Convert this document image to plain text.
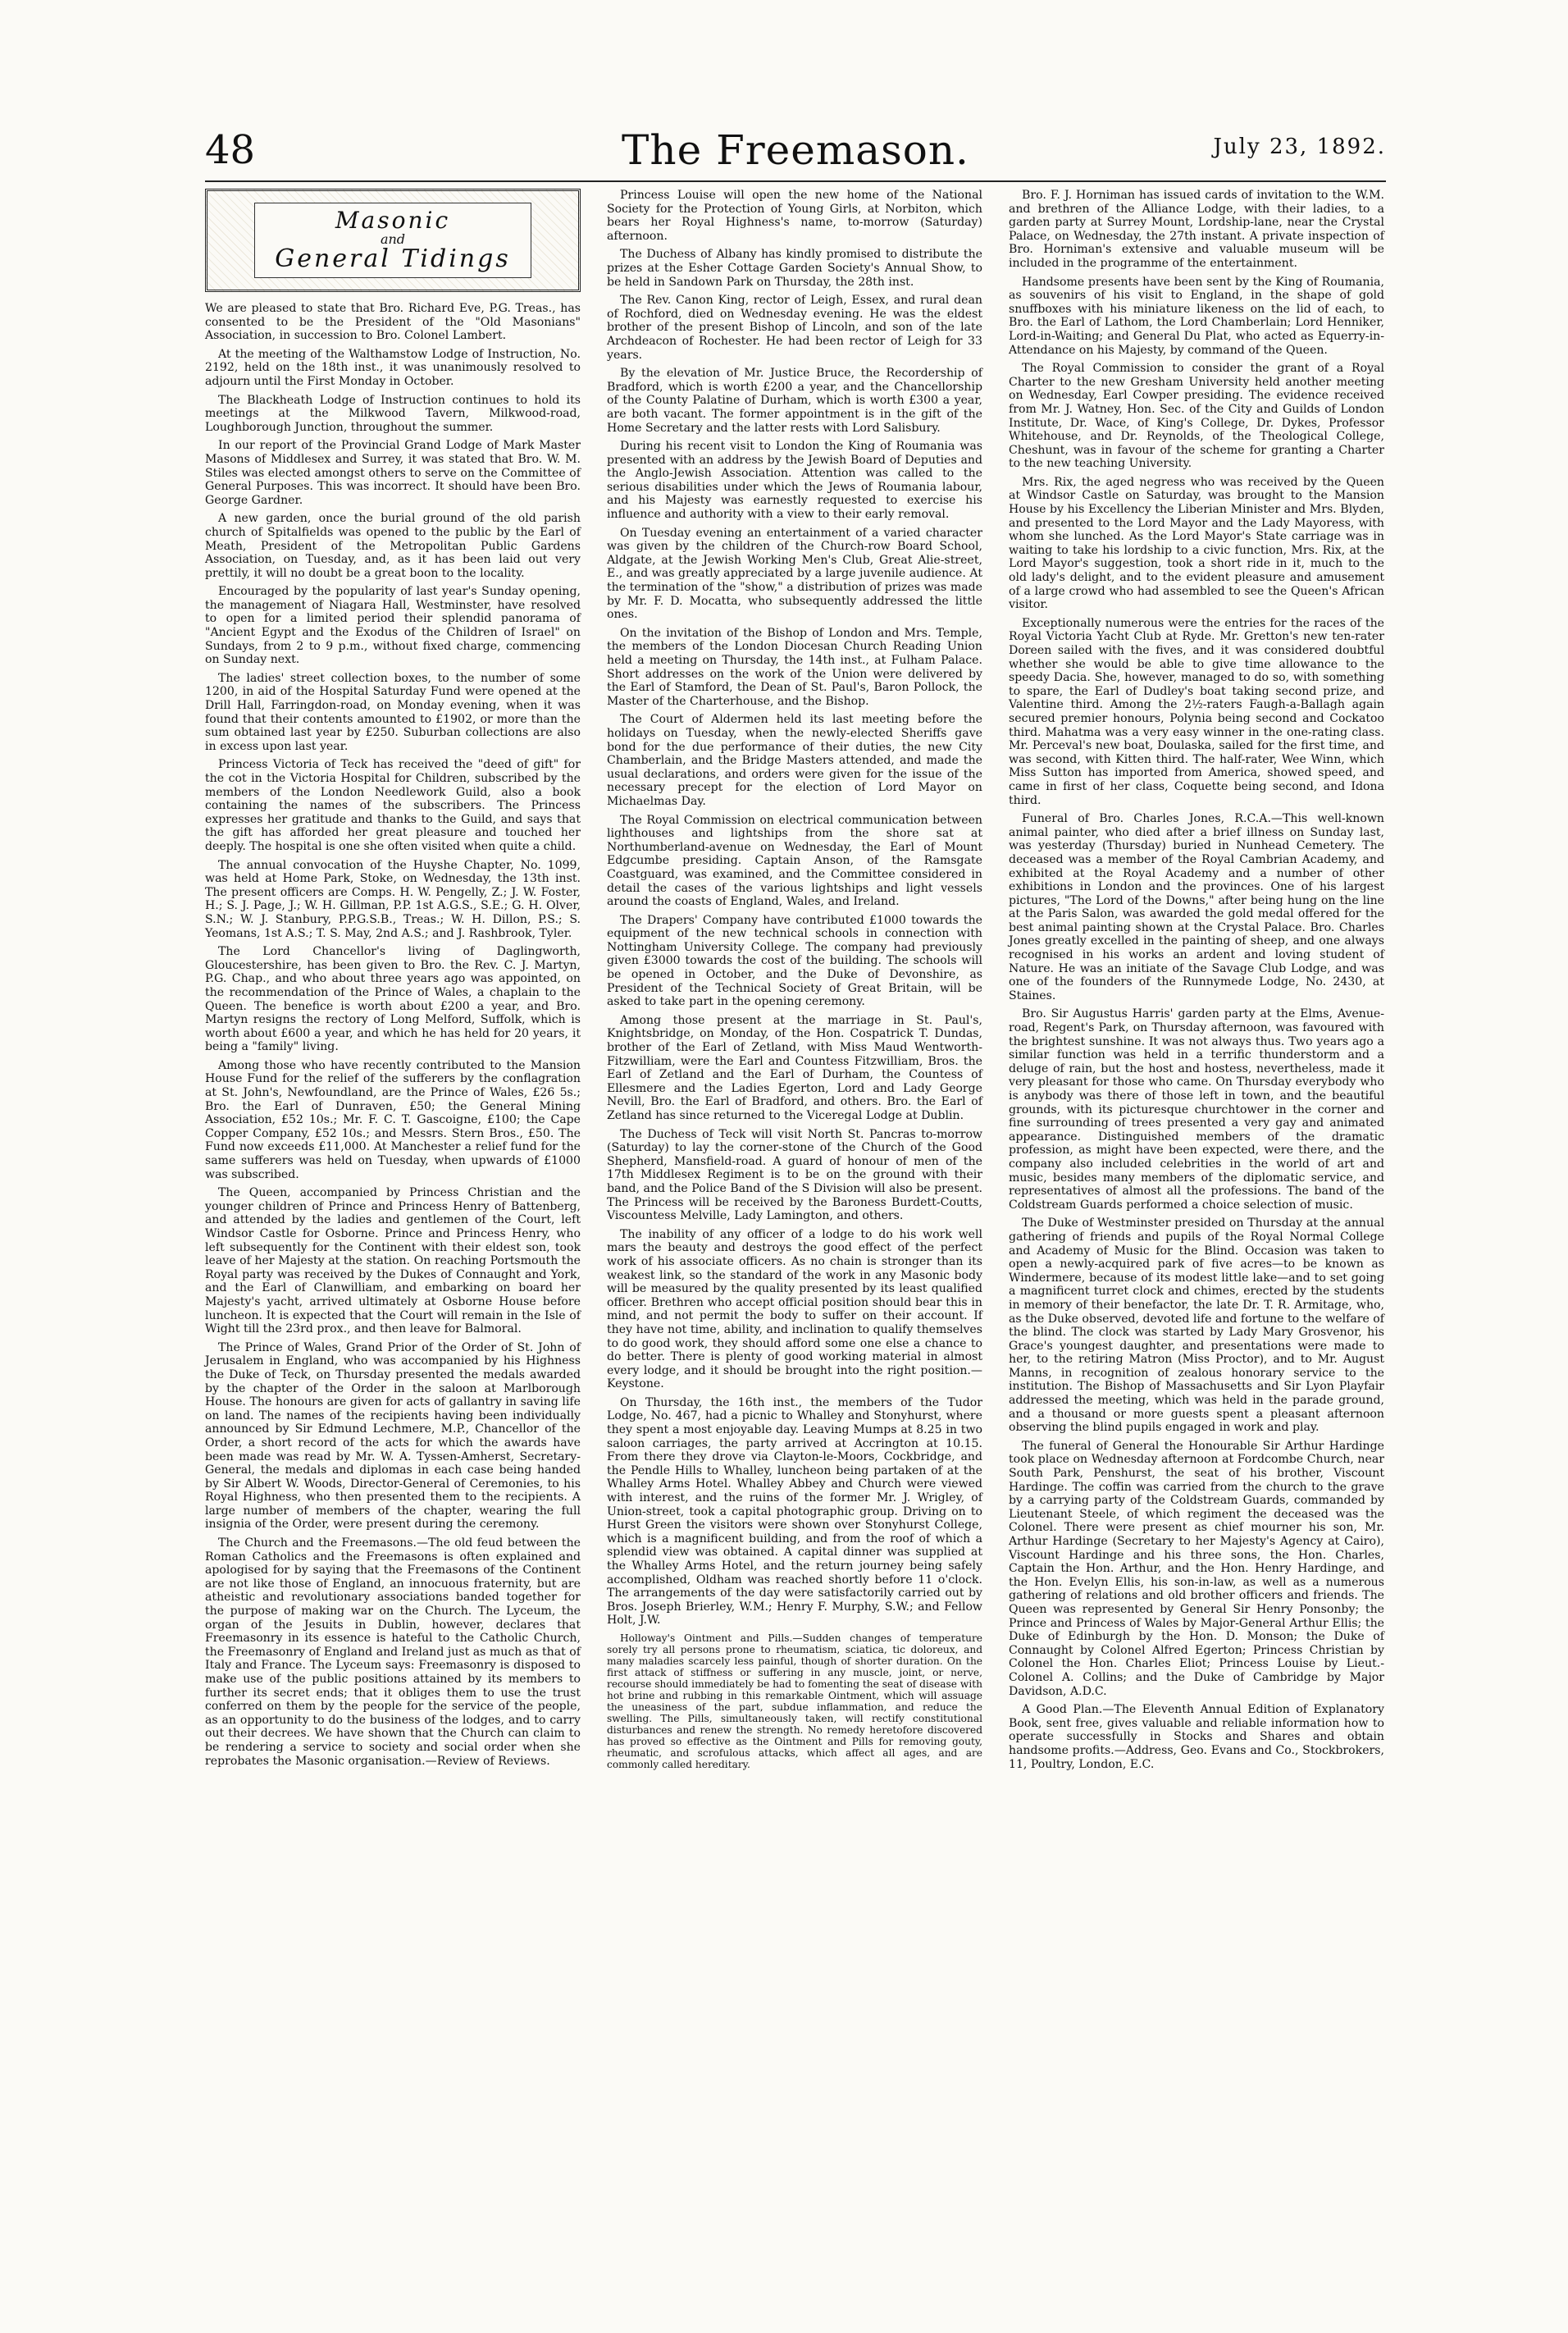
48	The Freemason.	July 23, 1892.
Masonic
and
General Tidings

We are pleased to state that Bro. Richard Eve, P.G. Treas., has consented to be the President of the "Old Masonians" Association, in succession to Bro. Colonel Lambert.

At the meeting of the Walthamstow Lodge of Instruction, No. 2192, held on the 18th inst., it was unanimously resolved to adjourn until the First Monday in October.

The Blackheath Lodge of Instruction continues to hold its meetings at the Milkwood Tavern, Milkwood-road, Loughborough Junction, throughout the summer.

In our report of the Provincial Grand Lodge of Mark Master Masons of Middlesex and Surrey, it was stated that Bro. W. M. Stiles was elected amongst others to serve on the Committee of General Purposes. This was incorrect. It should have been Bro. George Gardner.

A new garden, once the burial ground of the old parish church of Spitalfields was opened to the public by the Earl of Meath, President of the Metropolitan Public Gardens Association, on Tuesday, and, as it has been laid out very prettily, it will no doubt be a great boon to the locality.

Encouraged by the popularity of last year's Sunday opening, the management of Niagara Hall, Westminster, have resolved to open for a limited period their splendid panorama of "Ancient Egypt and the Exodus of the Children of Israel" on Sundays, from 2 to 9 p.m., without fixed charge, commencing on Sunday next.

The ladies' street collection boxes, to the number of some 1200, in aid of the Hospital Saturday Fund were opened at the Drill Hall, Farringdon-road, on Monday evening, when it was found that their contents amounted to £1902, or more than the sum obtained last year by £250. Suburban collections are also in excess upon last year.

Princess Victoria of Teck has received the "deed of gift" for the cot in the Victoria Hospital for Children, subscribed by the members of the London Needlework Guild, also a book containing the names of the subscribers. The Princess expresses her gratitude and thanks to the Guild, and says that the gift has afforded her great pleasure and touched her deeply. The hospital is one she often visited when quite a child.

The annual convocation of the Huyshe Chapter, No. 1099, was held at Home Park, Stoke, on Wednesday, the 13th inst. The present officers are Comps. H. W. Pengelly, Z.; J. W. Foster, H.; S. J. Page, J.; W. H. Gillman, P.P. 1st A.G.S., S.E.; G. H. Olver, S.N.; W. J. Stanbury, P.P.G.S.B., Treas.; W. H. Dillon, P.S.; S. Yeomans, 1st A.S.; T. S. May, 2nd A.S.; and J. Rashbrook, Tyler.

The Lord Chancellor's living of Daglingworth, Gloucestershire, has been given to Bro. the Rev. C. J. Martyn, P.G. Chap., and who about three years ago was appointed, on the recommendation of the Prince of Wales, a chaplain to the Queen. The benefice is worth about £200 a year, and Bro. Martyn resigns the rectory of Long Melford, Suffolk, which is worth about £600 a year, and which he has held for 20 years, it being a "family" living.

Among those who have recently contributed to the Mansion House Fund for the relief of the sufferers by the conflagration at St. John's, Newfoundland, are the Prince of Wales, £26 5s.; Bro. the Earl of Dunraven, £50; the General Mining Association, £52 10s.; Mr. F. C. T. Gascoigne, £100; the Cape Copper Company, £52 10s.; and Messrs. Stern Bros., £50. The Fund now exceeds £11,000. At Manchester a relief fund for the same sufferers was held on Tuesday, when upwards of £1000 was subscribed.

The Queen, accompanied by Princess Christian and the younger children of Prince and Princess Henry of Battenberg, and attended by the ladies and gentlemen of the Court, left Windsor Castle for Osborne. Prince and Princess Henry, who left subsequently for the Continent with their eldest son, took leave of her Majesty at the station. On reaching Portsmouth the Royal party was received by the Dukes of Connaught and York, and the Earl of Clanwilliam, and embarking on board her Majesty's yacht, arrived ultimately at Osborne House before luncheon. It is expected that the Court will remain in the Isle of Wight till the 23rd prox., and then leave for Balmoral.

The Prince of Wales, Grand Prior of the Order of St. John of Jerusalem in England, who was accompanied by his Highness the Duke of Teck, on Thursday presented the medals awarded by the chapter of the Order in the saloon at Marlborough House. The honours are given for acts of gallantry in saving life on land. The names of the recipients having been individually announced by Sir Edmund Lechmere, M.P., Chancellor of the Order, a short record of the acts for which the awards have been made was read by Mr. W. A. Tyssen-Amherst, Secretary-General, the medals and diplomas in each case being handed by Sir Albert W. Woods, Director-General of Ceremonies, to his Royal Highness, who then presented them to the recipients. A large number of members of the chapter, wearing the full insignia of the Order, were present during the ceremony.

The Church and the Freemasons.—The old feud between the Roman Catholics and the Freemasons is often explained and apologised for by saying that the Freemasons of the Continent are not like those of England, an innocuous fraternity, but are atheistic and revolutionary associations banded together for the purpose of making war on the Church. The Lyceum, the organ of the Jesuits in Dublin, however, declares that Freemasonry in its essence is hateful to the Catholic Church, the Freemasonry of England and Ireland just as much as that of Italy and France. The Lyceum says: Freemasonry is disposed to make use of the public positions attained by its members to further its secret ends; that it obliges them to use the trust conferred on them by the people for the service of the people, as an opportunity to do the business of the lodges, and to carry out their decrees. We have shown that the Church can claim to be rendering a service to society and social order when she reprobates the Masonic organisation.—Review of Reviews.

Princess Louise will open the new home of the National Society for the Protection of Young Girls, at Norbiton, which bears her Royal Highness's name, to-morrow (Saturday) afternoon.

The Duchess of Albany has kindly promised to distribute the prizes at the Esher Cottage Garden Society's Annual Show, to be held in Sandown Park on Thursday, the 28th inst.

The Rev. Canon King, rector of Leigh, Essex, and rural dean of Rochford, died on Wednesday evening. He was the eldest brother of the present Bishop of Lincoln, and son of the late Archdeacon of Rochester. He had been rector of Leigh for 33 years.

By the elevation of Mr. Justice Bruce, the Recordership of Bradford, which is worth £200 a year, and the Chancellorship of the County Palatine of Durham, which is worth £300 a year, are both vacant. The former appointment is in the gift of the Home Secretary and the latter rests with Lord Salisbury.

During his recent visit to London the King of Roumania was presented with an address by the Jewish Board of Deputies and the Anglo-Jewish Association. Attention was called to the serious disabilities under which the Jews of Roumania labour, and his Majesty was earnestly requested to exercise his influence and authority with a view to their early removal.

On Tuesday evening an entertainment of a varied character was given by the children of the Church-row Board School, Aldgate, at the Jewish Working Men's Club, Great Alie-street, E., and was greatly appreciated by a large juvenile audience. At the termination of the "show," a distribution of prizes was made by Mr. F. D. Mocatta, who subsequently addressed the little ones.

On the invitation of the Bishop of London and Mrs. Temple, the members of the London Diocesan Church Reading Union held a meeting on Thursday, the 14th inst., at Fulham Palace. Short addresses on the work of the Union were delivered by the Earl of Stamford, the Dean of St. Paul's, Baron Pollock, the Master of the Charterhouse, and the Bishop.

The Court of Aldermen held its last meeting before the holidays on Tuesday, when the newly-elected Sheriffs gave bond for the due performance of their duties, the new City Chamberlain, and the Bridge Masters attended, and made the usual declarations, and orders were given for the issue of the necessary precept for the election of Lord Mayor on Michaelmas Day.

The Royal Commission on electrical communication between lighthouses and lightships from the shore sat at Northumberland-avenue on Wednesday, the Earl of Mount Edgcumbe presiding. Captain Anson, of the Ramsgate Coastguard, was examined, and the Committee considered in detail the cases of the various lightships and light vessels around the coasts of England, Wales, and Ireland.

The Drapers' Company have contributed £1000 towards the equipment of the new technical schools in connection with Nottingham University College. The company had previously given £3000 towards the cost of the building. The schools will be opened in October, and the Duke of Devonshire, as President of the Technical Society of Great Britain, will be asked to take part in the opening ceremony.

Among those present at the marriage in St. Paul's, Knightsbridge, on Monday, of the Hon. Cospatrick T. Dundas, brother of the Earl of Zetland, with Miss Maud Wentworth-Fitzwilliam, were the Earl and Countess Fitzwilliam, Bros. the Earl of Zetland and the Earl of Durham, the Countess of Ellesmere and the Ladies Egerton, Lord and Lady George Nevill, Bro. the Earl of Bradford, and others. Bro. the Earl of Zetland has since returned to the Viceregal Lodge at Dublin.

The Duchess of Teck will visit North St. Pancras to-morrow (Saturday) to lay the corner-stone of the Church of the Good Shepherd, Mansfield-road. A guard of honour of men of the 17th Middlesex Regiment is to be on the ground with their band, and the Police Band of the S Division will also be present. The Princess will be received by the Baroness Burdett-Coutts, Viscountess Melville, Lady Lamington, and others.

The inability of any officer of a lodge to do his work well mars the beauty and destroys the good effect of the perfect work of his associate officers. As no chain is stronger than its weakest link, so the standard of the work in any Masonic body will be measured by the quality presented by its least qualified officer. Brethren who accept official position should bear this in mind, and not permit the body to suffer on their account. If they have not time, ability, and inclination to qualify themselves to do good work, they should afford some one else a chance to do better. There is plenty of good working material in almost every lodge, and it should be brought into the right position.—Keystone.

On Thursday, the 16th inst., the members of the Tudor Lodge, No. 467, had a picnic to Whalley and Stonyhurst, where they spent a most enjoyable day. Leaving Mumps at 8.25 in two saloon carriages, the party arrived at Accrington at 10.15. From there they drove via Clayton-le-Moors, Cockbridge, and the Pendle Hills to Whalley, luncheon being partaken of at the Whalley Arms Hotel. Whalley Abbey and Church were viewed with interest, and the ruins of the former Mr. J. Wrigley, of Union-street, took a capital photographic group. Driving on to Hurst Green the visitors were shown over Stonyhurst College, which is a magnificent building, and from the roof of which a splendid view was obtained. A capital dinner was supplied at the Whalley Arms Hotel, and the return journey being safely accomplished, Oldham was reached shortly before 11 o'clock. The arrangements of the day were satisfactorily carried out by Bros. Joseph Brierley, W.M.; Henry F. Murphy, S.W.; and Fellow Holt, J.W.

Holloway's Ointment and Pills.—Sudden changes of temperature sorely try all persons prone to rheumatism, sciatica, tic doloreux, and many maladies scarcely less painful, though of shorter duration. On the first attack of stiffness or suffering in any muscle, joint, or nerve, recourse should immediately be had to fomenting the seat of disease with hot brine and rubbing in this remarkable Ointment, which will assuage the uneasiness of the part, subdue inflammation, and reduce the swelling. The Pills, simultaneously taken, will rectify constitutional disturbances and renew the strength. No remedy heretofore discovered has proved so effective as the Ointment and Pills for removing gouty, rheumatic, and scrofulous attacks, which affect all ages, and are commonly called hereditary.

Bro. F. J. Horniman has issued cards of invitation to the W.M. and brethren of the Alliance Lodge, with their ladies, to a garden party at Surrey Mount, Lordship-lane, near the Crystal Palace, on Wednesday, the 27th instant. A private inspection of Bro. Horniman's extensive and valuable museum will be included in the programme of the entertainment.

Handsome presents have been sent by the King of Roumania, as souvenirs of his visit to England, in the shape of gold snuffboxes with his miniature likeness on the lid of each, to Bro. the Earl of Lathom, the Lord Chamberlain; Lord Henniker, Lord-in-Waiting; and General Du Plat, who acted as Equerry-in-Attendance on his Majesty, by command of the Queen.

The Royal Commission to consider the grant of a Royal Charter to the new Gresham University held another meeting on Wednesday, Earl Cowper presiding. The evidence received from Mr. J. Watney, Hon. Sec. of the City and Guilds of London Institute, Dr. Wace, of King's College, Dr. Dykes, Professor Whitehouse, and Dr. Reynolds, of the Theological College, Cheshunt, was in favour of the scheme for granting a Charter to the new teaching University.

Mrs. Rix, the aged negress who was received by the Queen at Windsor Castle on Saturday, was brought to the Mansion House by his Excellency the Liberian Minister and Mrs. Blyden, and presented to the Lord Mayor and the Lady Mayoress, with whom she lunched. As the Lord Mayor's State carriage was in waiting to take his lordship to a civic function, Mrs. Rix, at the Lord Mayor's suggestion, took a short ride in it, much to the old lady's delight, and to the evident pleasure and amusement of a large crowd who had assembled to see the Queen's African visitor.

Exceptionally numerous were the entries for the races of the Royal Victoria Yacht Club at Ryde. Mr. Gretton's new ten-rater Doreen sailed with the fives, and it was considered doubtful whether she would be able to give time allowance to the speedy Dacia. She, however, managed to do so, with something to spare, the Earl of Dudley's boat taking second prize, and Valentine third. Among the 2½-raters Faugh-a-Ballagh again secured premier honours, Polynia being second and Cockatoo third. Mahatma was a very easy winner in the one-rating class. Mr. Perceval's new boat, Doulaska, sailed for the first time, and was second, with Kitten third. The half-rater, Wee Winn, which Miss Sutton has imported from America, showed speed, and came in first of her class, Coquette being second, and Idona third.

Funeral of Bro. Charles Jones, R.C.A.—This well-known animal painter, who died after a brief illness on Sunday last, was yesterday (Thursday) buried in Nunhead Cemetery. The deceased was a member of the Royal Cambrian Academy, and exhibited at the Royal Academy and a number of other exhibitions in London and the provinces. One of his largest pictures, "The Lord of the Downs," after being hung on the line at the Paris Salon, was awarded the gold medal offered for the best animal painting shown at the Crystal Palace. Bro. Charles Jones greatly excelled in the painting of sheep, and one always recognised in his works an ardent and loving student of Nature. He was an initiate of the Savage Club Lodge, and was one of the founders of the Runnymede Lodge, No. 2430, at Staines.

Bro. Sir Augustus Harris' garden party at the Elms, Avenue-road, Regent's Park, on Thursday afternoon, was favoured with the brightest sunshine. It was not always thus. Two years ago a similar function was held in a terrific thunderstorm and a deluge of rain, but the host and hostess, nevertheless, made it very pleasant for those who came. On Thursday everybody who is anybody was there of those left in town, and the beautiful grounds, with its picturesque churchtower in the corner and fine surrounding of trees presented a very gay and animated appearance. Distinguished members of the dramatic profession, as might have been expected, were there, and the company also included celebrities in the world of art and music, besides many members of the diplomatic service, and representatives of almost all the professions. The band of the Coldstream Guards performed a choice selection of music.

The Duke of Westminster presided on Thursday at the annual gathering of friends and pupils of the Royal Normal College and Academy of Music for the Blind. Occasion was taken to open a newly-acquired park of five acres—to be known as Windermere, because of its modest little lake—and to set going a magnificent turret clock and chimes, erected by the students in memory of their benefactor, the late Dr. T. R. Armitage, who, as the Duke observed, devoted life and fortune to the welfare of the blind. The clock was started by Lady Mary Grosvenor, his Grace's youngest daughter, and presentations were made to her, to the retiring Matron (Miss Proctor), and to Mr. August Manns, in recognition of zealous honorary service to the institution. The Bishop of Massachusetts and Sir Lyon Playfair addressed the meeting, which was held in the parade ground, and a thousand or more guests spent a pleasant afternoon observing the blind pupils engaged in work and play.

The funeral of General the Honourable Sir Arthur Hardinge took place on Wednesday afternoon at Fordcombe Church, near South Park, Penshurst, the seat of his brother, Viscount Hardinge. The coffin was carried from the church to the grave by a carrying party of the Coldstream Guards, commanded by Lieutenant Steele, of which regiment the deceased was the Colonel. There were present as chief mourner his son, Mr. Arthur Hardinge (Secretary to her Majesty's Agency at Cairo), Viscount Hardinge and his three sons, the Hon. Charles, Captain the Hon. Arthur, and the Hon. Henry Hardinge, and the Hon. Evelyn Ellis, his son-in-law, as well as a numerous gathering of relations and old brother officers and friends. The Queen was represented by General Sir Henry Ponsonby; the Prince and Princess of Wales by Major-General Arthur Ellis; the Duke of Edinburgh by the Hon. D. Monson; the Duke of Connaught by Colonel Alfred Egerton; Princess Christian by Colonel the Hon. Charles Eliot; Princess Louise by Lieut.-Colonel A. Collins; and the Duke of Cambridge by Major Davidson, A.D.C.

A Good Plan.—The Eleventh Annual Edition of Explanatory Book, sent free, gives valuable and reliable information how to operate successfully in Stocks and Shares and obtain handsome profits.—Address, Geo. Evans and Co., Stockbrokers, 11, Poultry, London, E.C.
